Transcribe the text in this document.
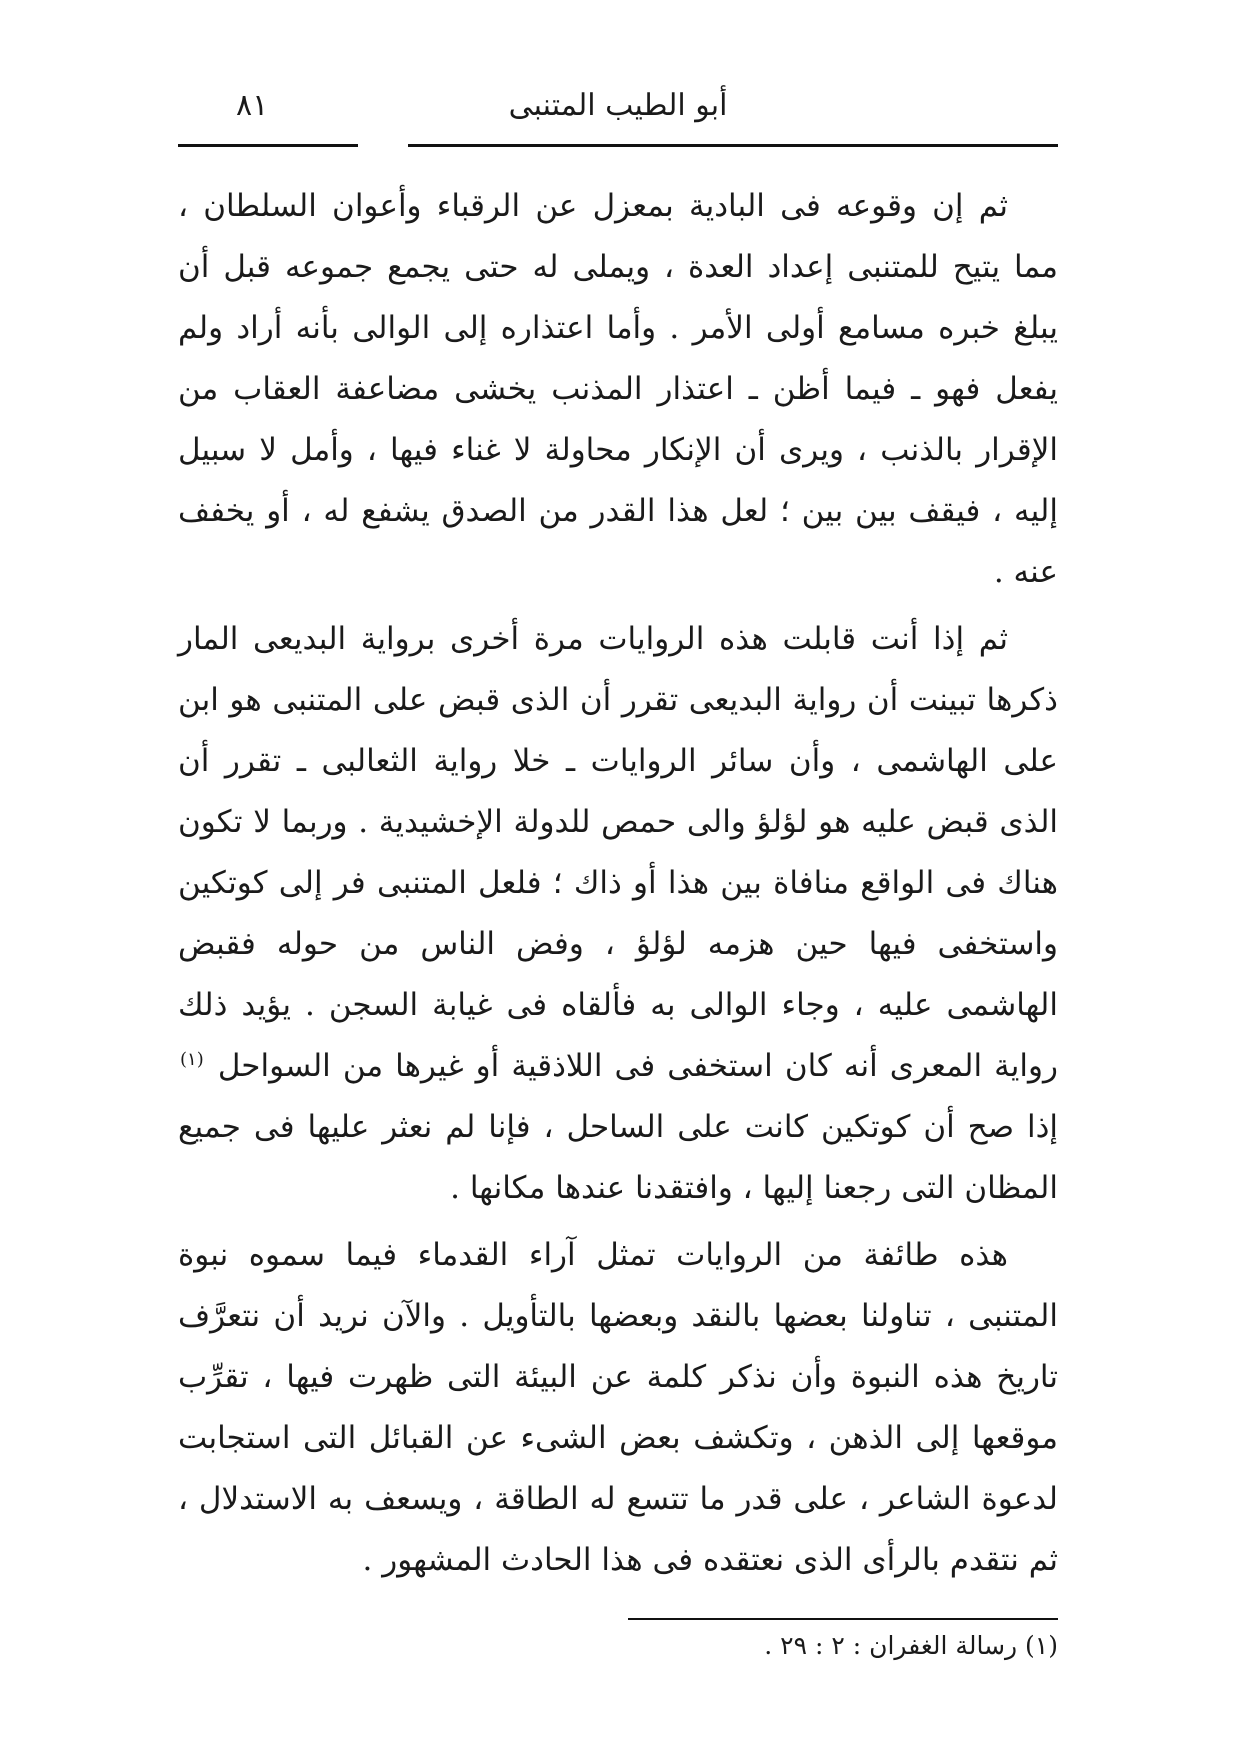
أبو الطيب المتنبى
٨١

ثم إن وقوعه فى البادية بمعزل عن الرقباء وأعوان السلطان ، مما يتيح للمتنبى إعداد العدة ، ويملى له حتى يجمع جموعه قبل أن يبلغ خبره مسامع أولى الأمر . وأما اعتذاره إلى الوالى بأنه أراد ولم يفعل فهو ـ فيما أظن ـ اعتذار المذنب يخشى مضاعفة العقاب من الإقرار بالذنب ، ويرى أن الإنكار محاولة لا غناء فيها ، وأمل لا سبيل إليه ، فيقف بين بين ؛ لعل هذا القدر من الصدق يشفع له ، أو يخفف عنه .

ثم إذا أنت قابلت هذه الروايات مرة أخرى برواية البديعى المار ذكرها تبينت أن رواية البديعى تقرر أن الذى قبض على المتنبى هو ابن على الهاشمى ، وأن سائر الروايات ـ خلا رواية الثعالبى ـ تقرر أن الذى قبض عليه هو لؤلؤ والى حمص للدولة الإخشيدية . وربما لا تكون هناك فى الواقع منافاة بين هذا أو ذاك ؛ فلعل المتنبى فر إلى كوتكين واستخفى فيها حين هزمه لؤلؤ ، وفض الناس من حوله فقبض الهاشمى عليه ، وجاء الوالى به فألقاه فى غيابة السجن . يؤيد ذلك رواية المعرى أنه كان استخفى فى اللاذقية أو غيرها من السواحل $^{(١)}$ إذا صح أن كوتكين كانت على الساحل ، فإنا لم نعثر عليها فى جميع المظان التى رجعنا إليها ، وافتقدنا عندها مكانها .

هذه طائفة من الروايات تمثل آراء القدماء فيما سموه نبوة المتنبى ، تناولنا بعضها بالنقد وبعضها بالتأويل . والآن نريد أن نتعرَّف تاريخ هذه النبوة وأن نذكر كلمة عن البيئة التى ظهرت فيها ، تقرِّب موقعها إلى الذهن ، وتكشف بعض الشىء عن القبائل التى استجابت لدعوة الشاعر ، على قدر ما تتسع له الطاقة ، ويسعف به الاستدلال ، ثم نتقدم بالرأى الذى نعتقده فى هذا الحادث المشهور .

(١) رسالة الغفران : ٢ : ٢٩ .
